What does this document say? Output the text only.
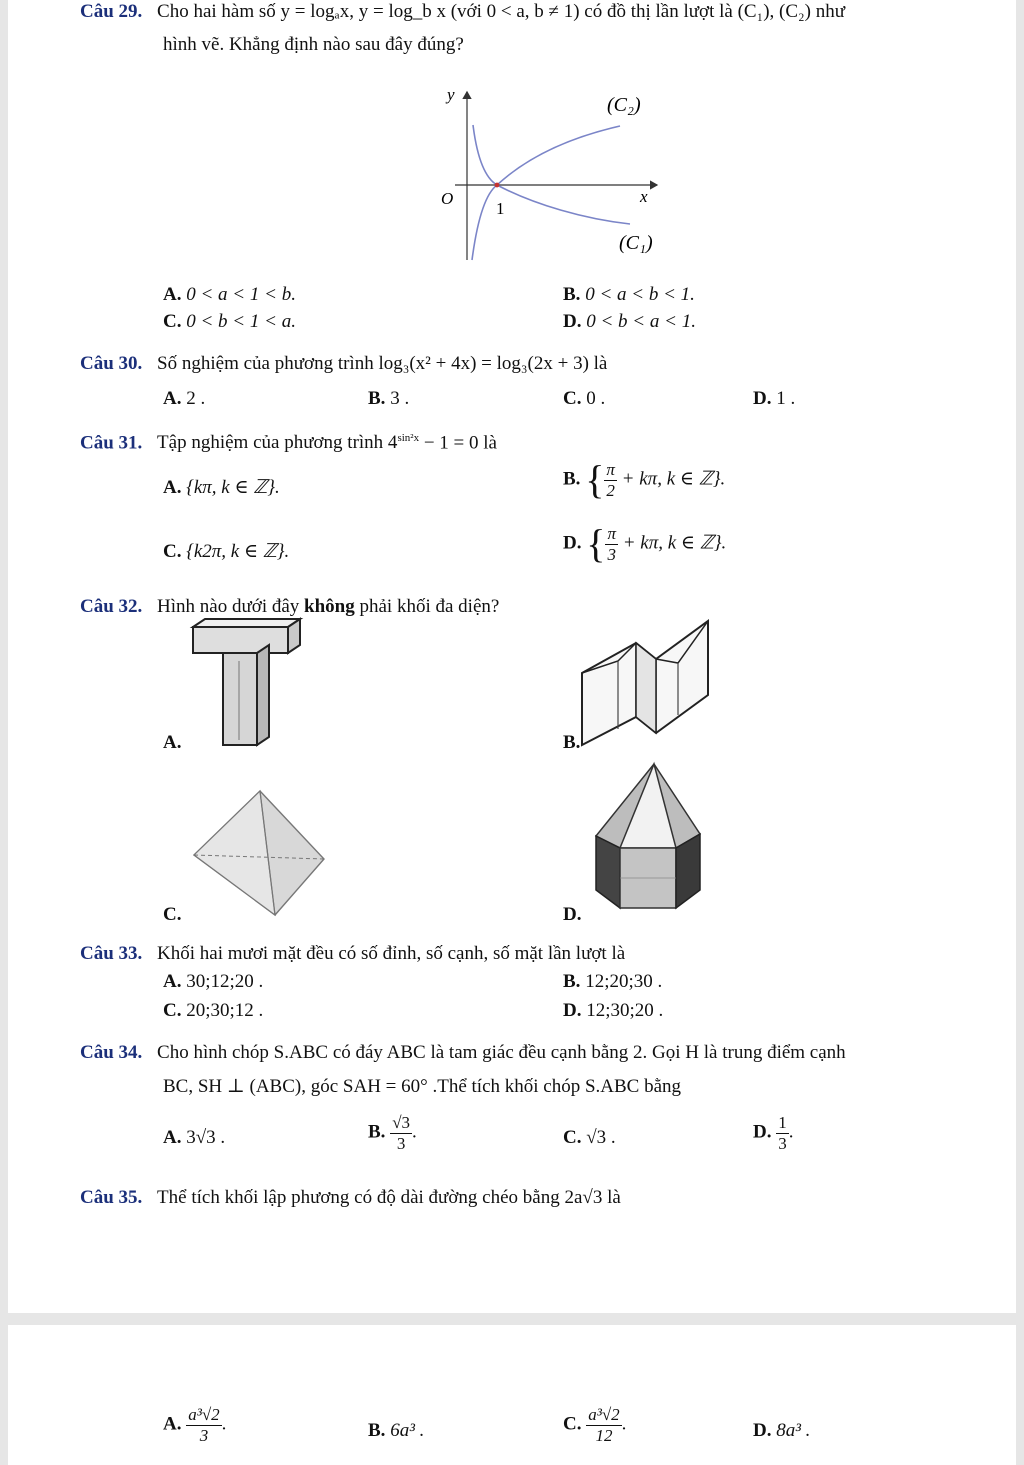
Câu 29. Cho hai hàm số y = logₐx, y = log_b x (với 0 < a, b ≠ 1) có đồ thị lần lượt là (C₁), (C₂) như
hình vẽ. Khẳng định nào sau đây đúng?
y
x
O
1
(C₂)
(C₁)
A. 0 < a < 1 < b.	B. 0 < a < b < 1.
C. 0 < b < 1 < a.	D. 0 < b < a < 1.
Câu 30. Số nghiệm của phương trình log₃(x² + 4x) = log₃(2x + 3) là
A. 2 .	B. 3 .	C. 0 .	D. 1 .
Câu 31. Tập nghiệm của phương trình $4^{sin^2x} - 1 = 0$ là
A. {kπ, k ∈ ℤ}.	B. { $\frac{\pi}{2} + k\pi$, k ∈ ℤ}.
C. {k2π, k ∈ ℤ}.	D. { $\frac{\pi}{3} + k\pi$, k ∈ ℤ}.
Câu 32. Hình nào dưới đây không phải khối đa diện?
A.	B.
C.	D.
Câu 33. Khối hai mươi mặt đều có số đỉnh, số cạnh, số mặt lần lượt là
A. 30;12;20 .	B. 12;20;30 .
C. 20;30;12 .	D. 12;30;20 .
Câu 34. Cho hình chóp S.ABC có đáy ABC là tam giác đều cạnh bằng 2. Gọi H là trung điểm cạnh
BC, SH ⊥ (ABC), góc SAH = 60° .Thể tích khối chóp S.ABC bằng
A. 3√3 .	B. $\frac{√3}{3}$ .	C. √3 .	D. $\frac{1}{3}$ .
Câu 35. Thể tích khối lập phương có độ dài đường chéo bằng 2a√3 là
A. $\frac{\text{a³√2}}{3}$ .	B. 6a³ .	C. $\frac{\text{a³√2}}{12}$ .	D. 8a³ .
